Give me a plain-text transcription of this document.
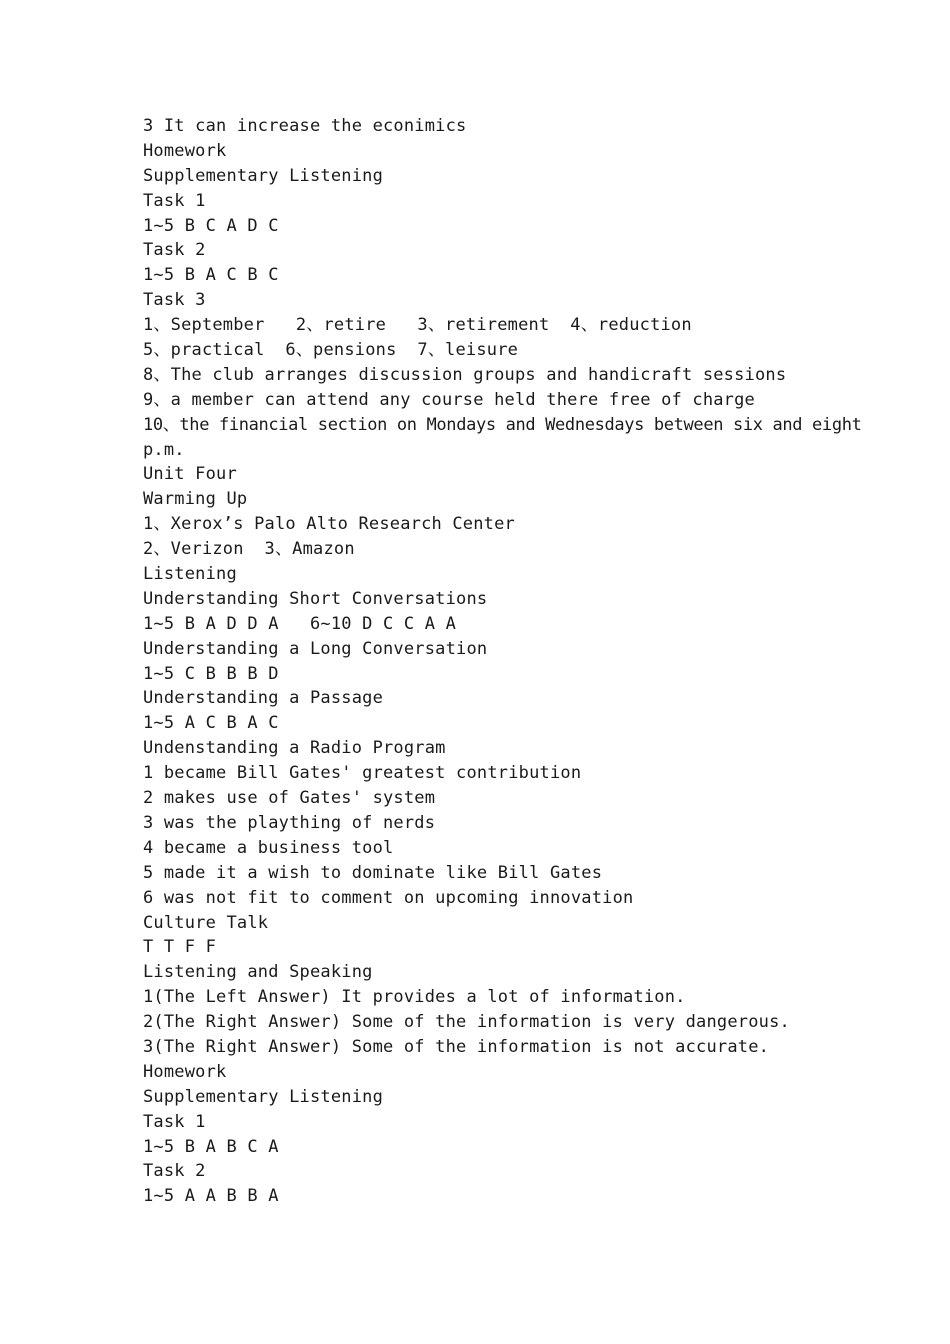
3 It can increase the econimics
Homework
Supplementary Listening
Task 1
1~5 B C A D C
Task 2
1~5 B A C B C
Task 3
1、September   2、retire   3、retirement  4、reduction
5、practical  6、pensions  7、leisure
8、The club arranges discussion groups and handicraft sessions
9、a member can attend any course held there free of charge
10、the financial section on Mondays and Wednesdays between six and eight
p.m.
Unit Four
Warming Up
1、Xerox’s Palo Alto Research Center
2、Verizon  3、Amazon
Listening
Understanding Short Conversations
1~5 B A D D A   6~10 D C C A A
Understanding a Long Conversation
1~5 C B B B D
Understanding a Passage
1~5 A C B A C
Undenstanding a Radio Program
1 became Bill Gates' greatest contribution
2 makes use of Gates' system
3 was the plaything of nerds
4 became a business tool
5 made it a wish to dominate like Bill Gates
6 was not fit to comment on upcoming innovation
Culture Talk
T T F F
Listening and Speaking
1(The Left Answer) It provides a lot of information.
2(The Right Answer) Some of the information is very dangerous.
3(The Right Answer) Some of the information is not accurate.
Homework
Supplementary Listening
Task 1
1~5 B A B C A
Task 2
1~5 A A B B A
